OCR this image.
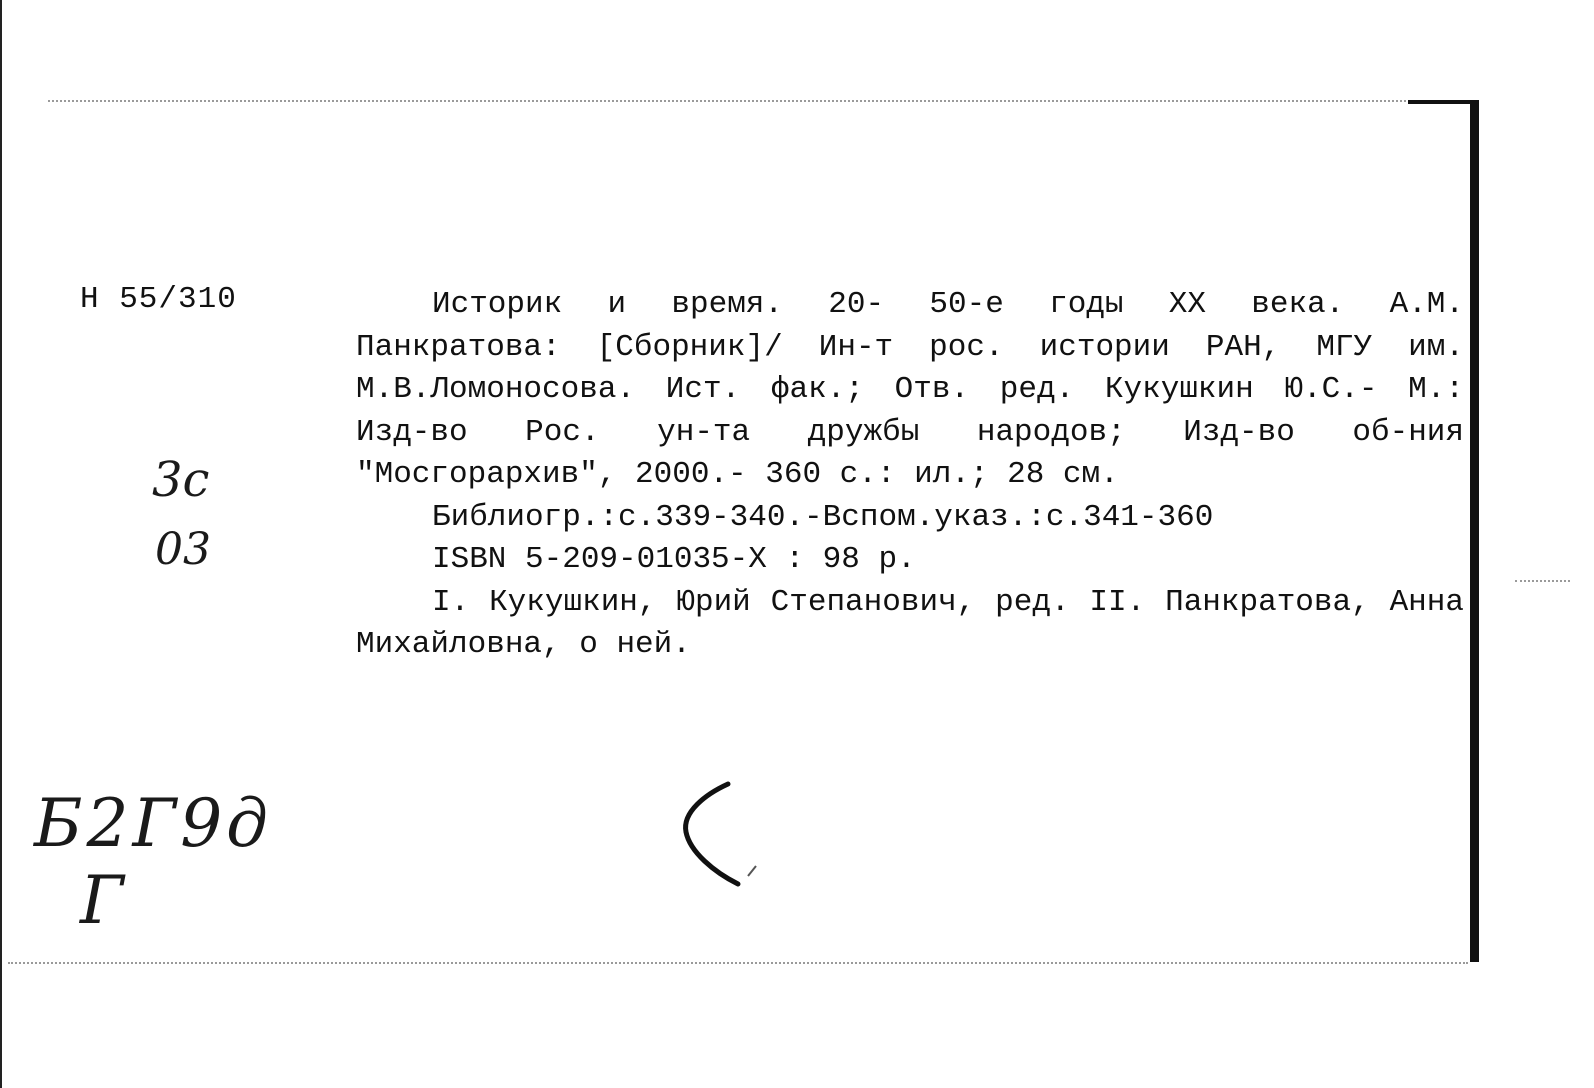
Н 55/310
3с
03
Б2Г9д
Г

Историк и время. 20- 50-е годы XX века. А.М. Панкратова: [Сборник]/ Ин-т рос. истории РАН, МГУ им. М.В.Ломоносова. Ист. фак.; Отв. ред. Кукушкин Ю.С.- М.: Изд-во Рос. ун-та дружбы народов; Изд-во об-ния "Мосгорархив", 2000.- 360 с.: ил.; 28 см.

Библиогр.:с.339-340.-Вспом.указ.:с.341-360

ISBN 5-209-01035-X : 98 р.

I. Кукушкин, Юрий Степанович, ред. II. Панкратова, Анна Михайловна, о ней.
